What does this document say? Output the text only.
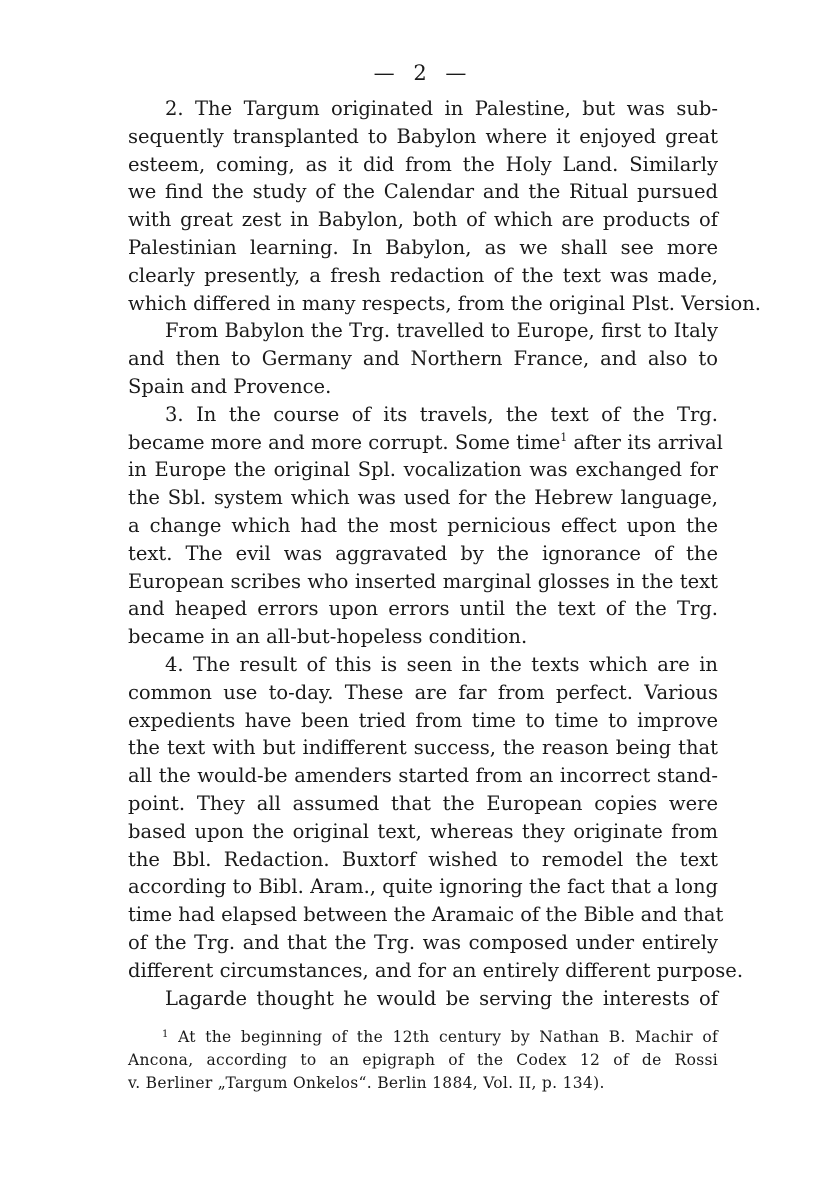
— 2 —
2. The Targum originated in Palestine, but was sub-
sequently transplanted to Babylon where it enjoyed great
esteem, coming, as it did from the Holy Land. Similarly
we find the study of the Calendar and the Ritual pursued
with great zest in Babylon, both of which are products of
Palestinian learning. In Babylon, as we shall see more
clearly presently, a fresh redaction of the text was made,
which differed in many respects, from the original Plst. Version.
From Babylon the Trg. travelled to Europe, first to Italy
and then to Germany and Northern France, and also to
Spain and Provence.
3. In the course of its travels, the text of the Trg.
became more and more corrupt. Some time$^1$ after its arrival
in Europe the original Spl. vocalization was exchanged for
the Sbl. system which was used for the Hebrew language,
a change which had the most pernicious effect upon the
text. The evil was aggravated by the ignorance of the
European scribes who inserted marginal glosses in the text
and heaped errors upon errors until the text of the Trg.
became in an all-but-hopeless condition.
4. The result of this is seen in the texts which are in
common use to-day. These are far from perfect. Various
expedients have been tried from time to time to improve
the text with but indifferent success, the reason being that
all the would-be amenders started from an incorrect stand-
point. They all assumed that the European copies were
based upon the original text, whereas they originate from
the Bbl. Redaction. Buxtorf wished to remodel the text
according to Bibl. Aram., quite ignoring the fact that a long
time had elapsed between the Aramaic of the Bible and that
of the Trg. and that the Trg. was composed under entirely
different circumstances, and for an entirely different purpose.
Lagarde thought he would be serving the interests of
$^1$ At the beginning of the 12th century by Nathan B. Machir of
Ancona, according to an epigraph of the Codex 12 of de Rossi
v. Berliner „Targum Onkelos“. Berlin 1884, Vol. II, p. 134).
